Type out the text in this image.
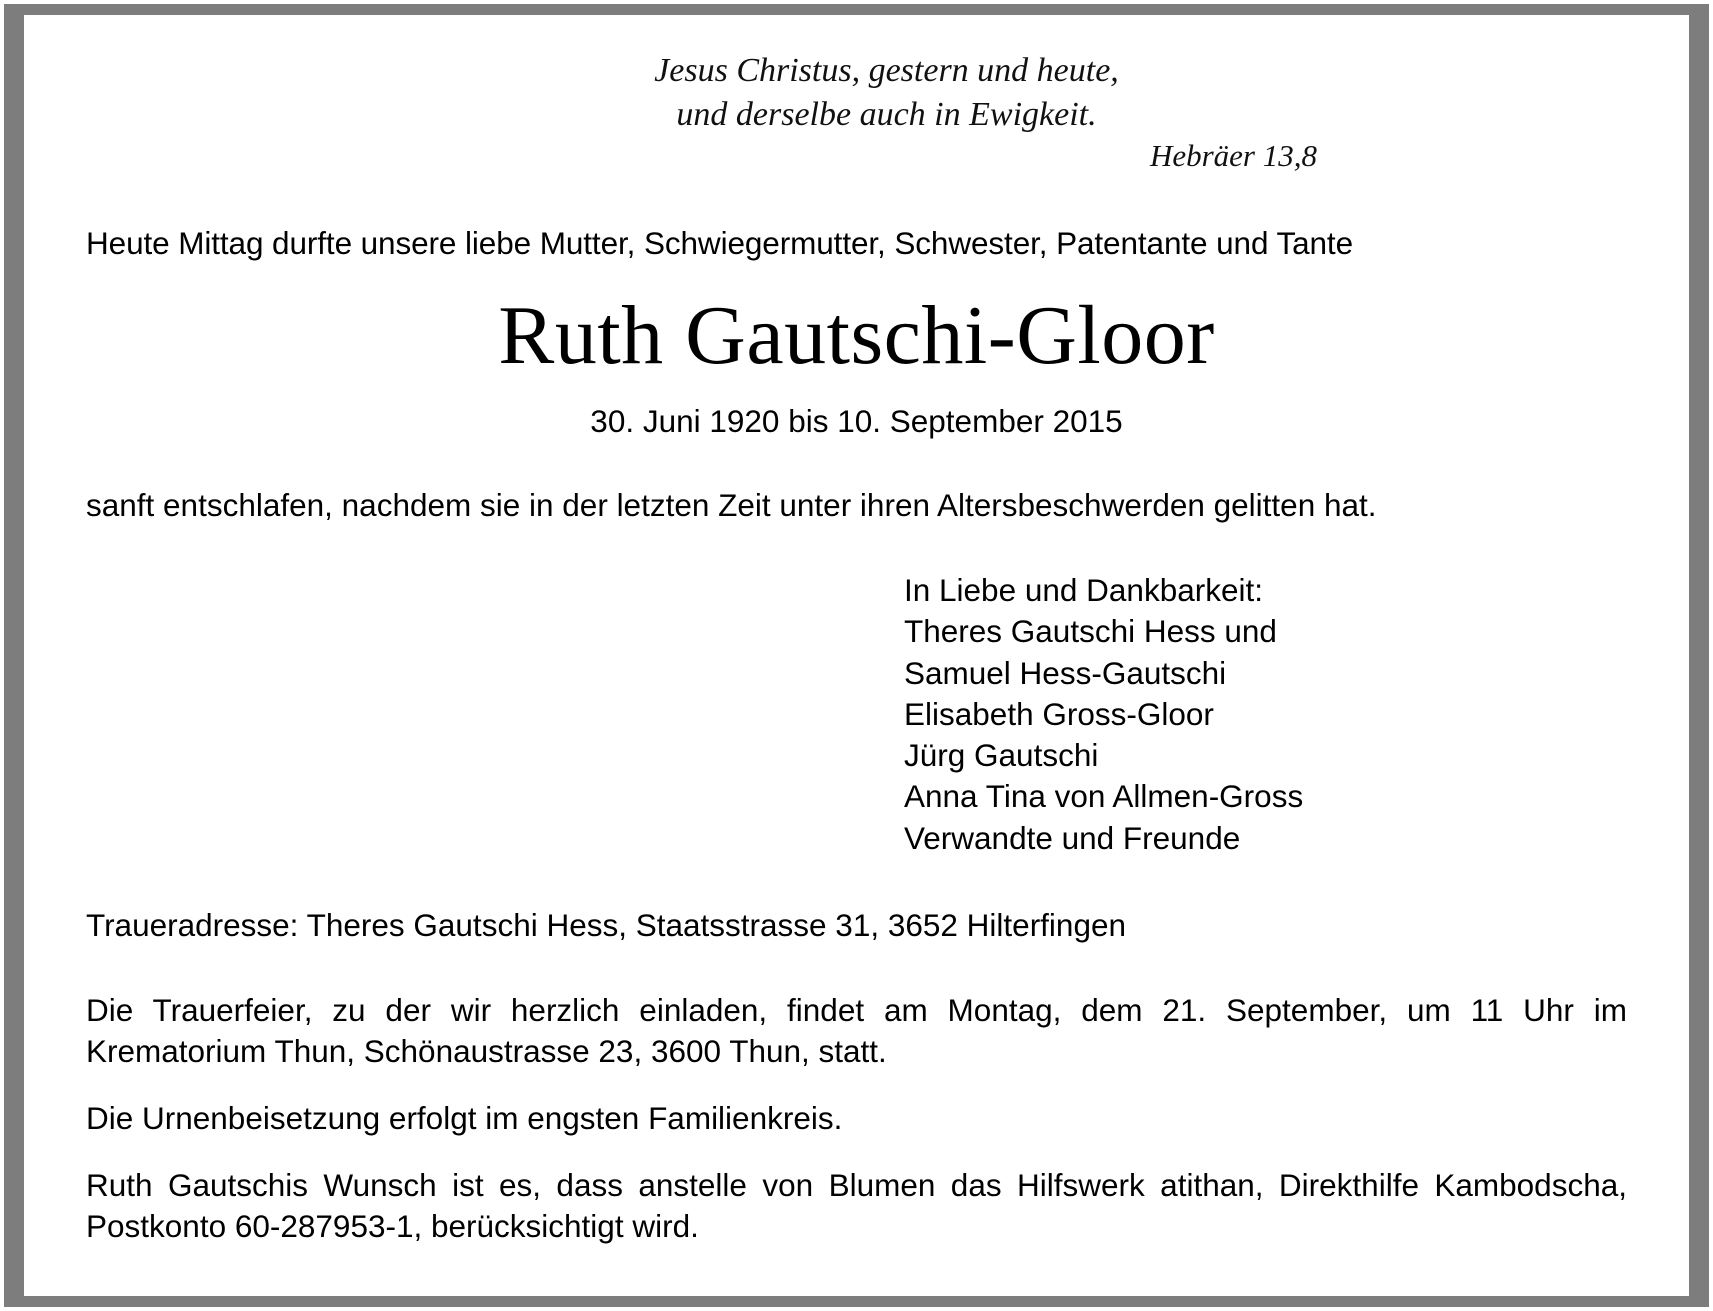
Jesus Christus, gestern und heute,
und derselbe auch in Ewigkeit.
Hebräer 13,8
Heute Mittag durfte unsere liebe Mutter, Schwiegermutter, Schwester, Patentante und Tante
Ruth Gautschi-Gloor
30. Juni 1920 bis 10. September 2015
sanft entschlafen, nachdem sie in der letzten Zeit unter ihren Altersbeschwerden gelitten hat.
In Liebe und Dankbarkeit:
Theres Gautschi Hess und
Samuel Hess-Gautschi
Elisabeth Gross-Gloor
Jürg Gautschi
Anna Tina von Allmen-Gross
Verwandte und Freunde
Traueradresse: Theres Gautschi Hess, Staatsstrasse 31, 3652 Hilterfingen
Die Trauerfeier, zu der wir herzlich einladen, findet am Montag, dem 21. September, um 11 Uhr im Krematorium Thun, Schönaustrasse 23, 3600 Thun, statt.
Die Urnenbeisetzung erfolgt im engsten Familienkreis.
Ruth Gautschis Wunsch ist es, dass anstelle von Blumen das Hilfswerk atithan, Direkthilfe Kambodscha, Postkonto 60-287953-1, berücksichtigt wird.
